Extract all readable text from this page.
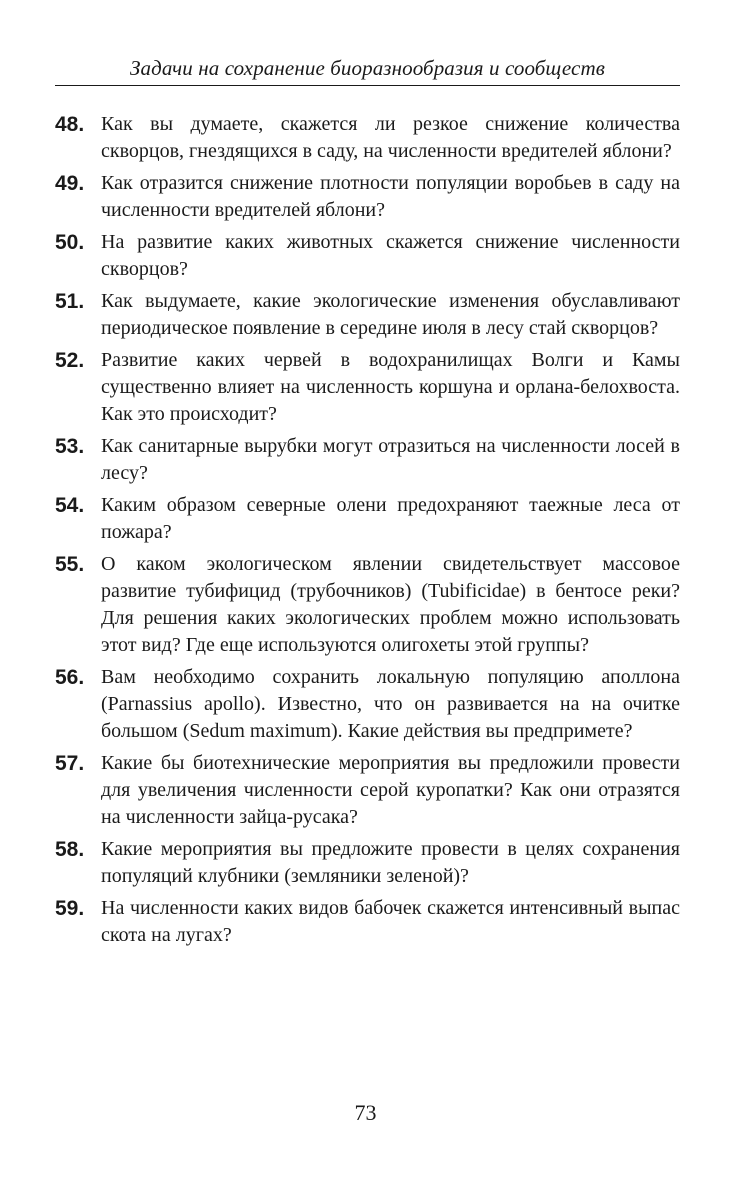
Задачи на сохранение биоразнообразия и сообществ
48. Как вы думаете, скажется ли резкое снижение количества скворцов, гнездящихся в саду, на численности вредителей яблони?
49. Как отразится снижение плотности популяции воробьев в саду на численности вредителей яблони?
50. На развитие каких животных скажется снижение численности скворцов?
51. Как выдумаете, какие экологические изменения обуславливают периодическое появление в середине июля в лесу стай скворцов?
52. Развитие каких червей в водохранилищах Волги и Камы существенно влияет на численность коршуна и орлана-белохвоста. Как это происходит?
53. Как санитарные вырубки могут отразиться на численности лосей в лесу?
54. Каким образом северные олени предохраняют таежные леса от пожара?
55. О каком экологическом явлении свидетельствует массовое развитие тубифицид (трубочников) (Tubificidae) в бентосе реки? Для решения каких экологических проблем можно использовать этот вид? Где еще используются олигохеты этой группы?
56. Вам необходимо сохранить локальную популяцию аполлона (Parnassius apollo). Известно, что он развивается на на очитке большом (Sedum maximum). Какие действия вы предпримете?
57. Какие бы биотехнические мероприятия вы предложили провести для увеличения численности серой куропатки? Как они отразятся на численности зайца-русака?
58. Какие мероприятия вы предложите провести в целях сохранения популяций клубники (земляники зеленой)?
59. На численности каких видов бабочек скажется интенсивный выпас скота на лугах?
73
